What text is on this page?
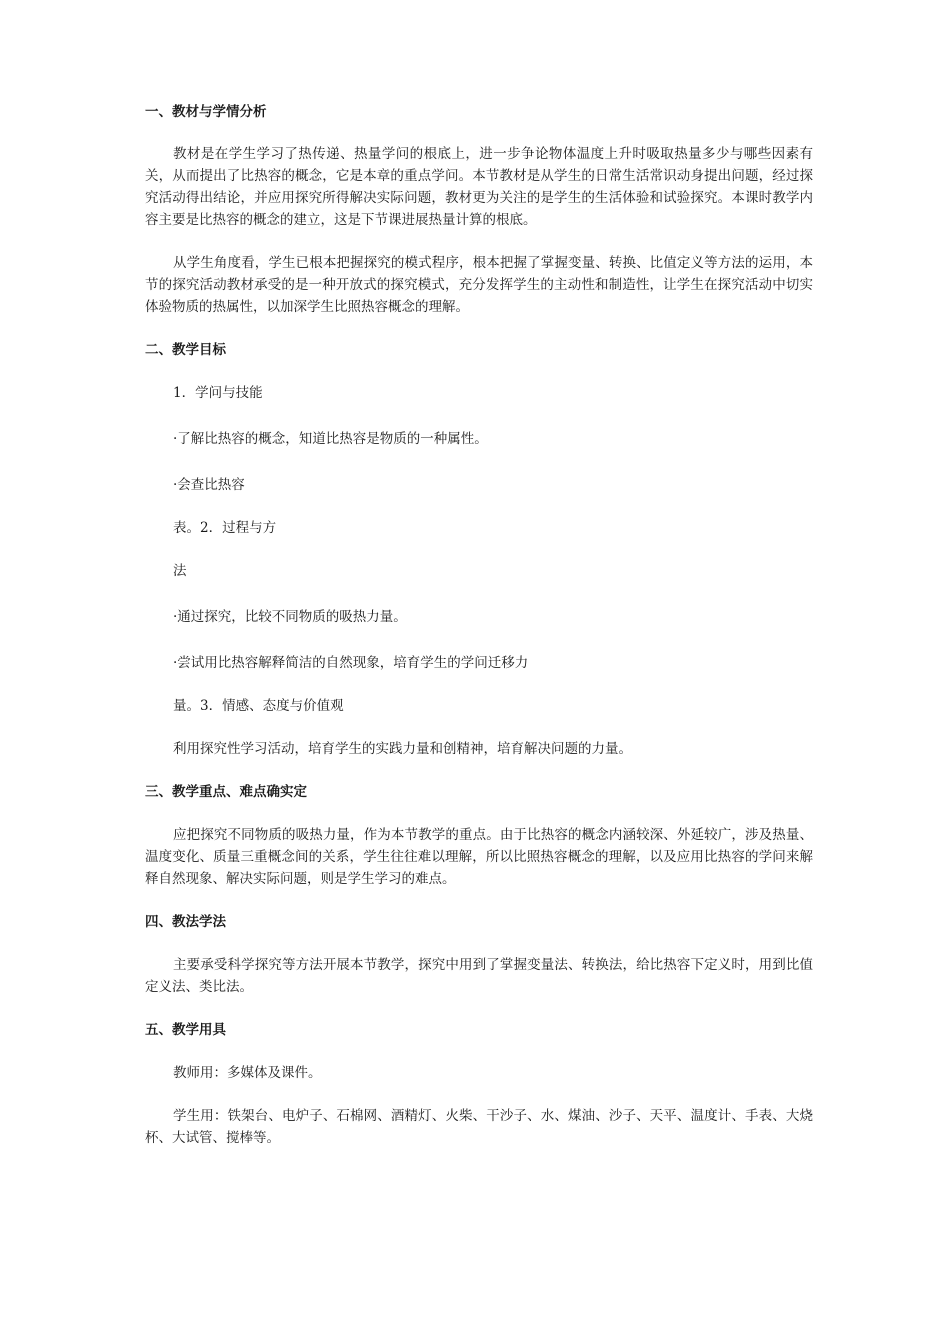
一、教材与学情分析

教材是在学生学习了热传递、热量学问的根底上，进一步争论物体温度上升时吸取热量多少与哪些因素有关，从而提出了比热容的概念，它是本章的重点学问。本节教材是从学生的日常生活常识动身提出问题，经过探究活动得出结论，并应用探究所得解决实际问题，教材更为关注的是学生的生活体验和试验探究。本课时教学内容主要是比热容的概念的建立，这是下节课进展热量计算的根底。

从学生角度看，学生已根本把握探究的模式程序，根本把握了掌握变量、转换、比值定义等方法的运用，本节的探究活动教材承受的是一种开放式的探究模式，充分发挥学生的主动性和制造性，让学生在探究活动中切实体验物质的热属性，以加深学生比照热容概念的理解。

二、教学目标

1．学问与技能

·了解比热容的概念，知道比热容是物质的一种属性。

·会查比热容

表。2．过程与方

法

·通过探究，比较不同物质的吸热力量。

·尝试用比热容解释简洁的自然现象，培育学生的学问迁移力

量。3．情感、态度与价值观

利用探究性学习活动，培育学生的实践力量和创精神，培育解决问题的力量。

三、教学重点、难点确实定

应把探究不同物质的吸热力量，作为本节教学的重点。由于比热容的概念内涵较深、外延较广，涉及热量、温度变化、质量三重概念间的关系，学生往往难以理解，所以比照热容概念的理解，以及应用比热容的学问来解释自然现象、解决实际问题，则是学生学习的难点。

四、教法学法

主要承受科学探究等方法开展本节教学，探究中用到了掌握变量法、转换法，给比热容下定义时，用到比值定义法、类比法。

五、教学用具

教师用：多媒体及课件。

学生用：铁架台、电炉子、石棉网、酒精灯、火柴、干沙子、水、煤油、沙子、天平、温度计、手表、大烧杯、大试管、搅棒等。
